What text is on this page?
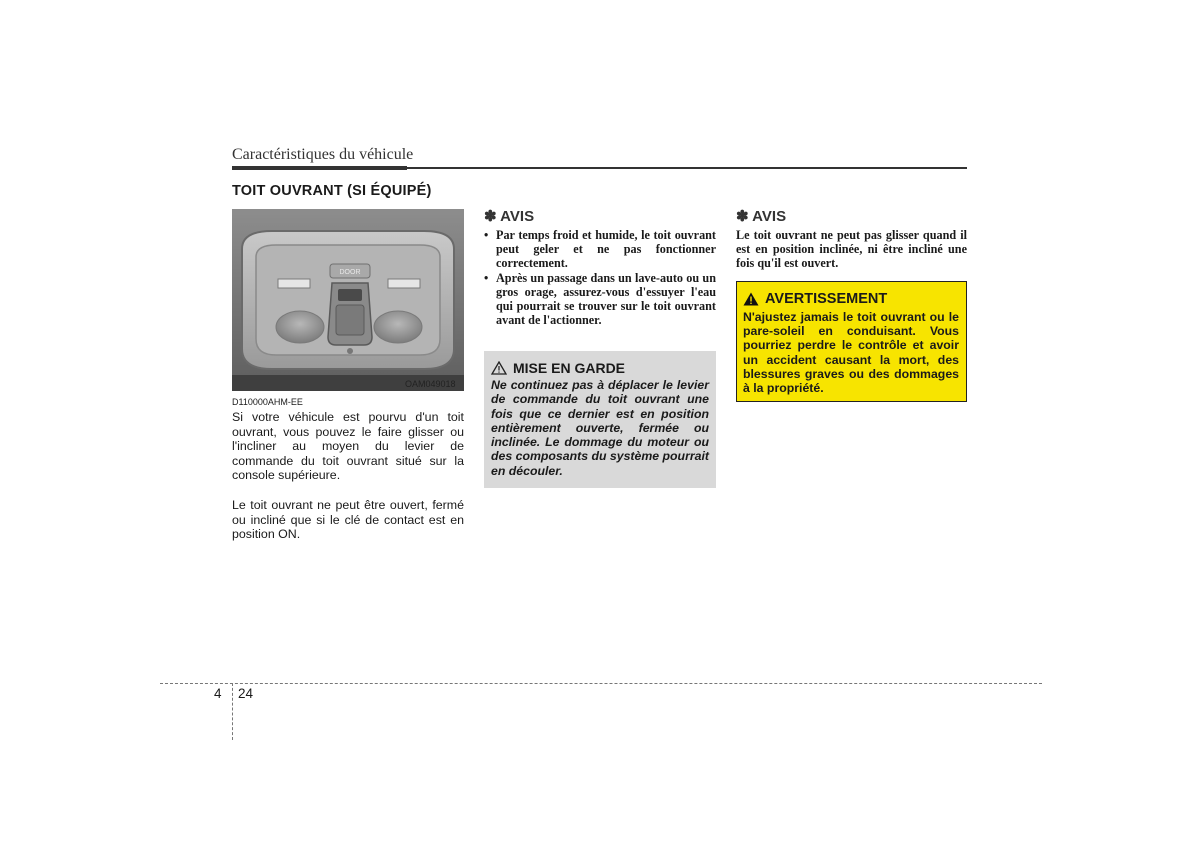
Caractéristiques du véhicule
TOIT OUVRANT (SI ÉQUIPÉ)
DOOR
OAM049018
D110000AHM-EE
Si votre véhicule est pourvu d'un toit ouvrant, vous pouvez le faire glisser ou l'incliner au moyen du levier de commande du toit ouvrant situé sur la console supérieure.
Le toit ouvrant ne peut être ouvert, fermé ou incliné que si le clé de contact est en position ON.
✽ AVIS
• Par temps froid et humide, le toit ouvrant peut geler et ne pas fonctionner correctement.
• Après un passage dans un lave-auto ou un gros orage, assurez-vous d'essuyer l'eau qui pourrait se trouver sur le toit ouvrant avant de l'actionner.
MISE EN GARDE
Ne continuez pas à déplacer le levier de commande du toit ouvrant une fois que ce dernier est en position entièrement ouverte, fermée ou inclinée. Le dommage du moteur ou des composants du système pourrait en découler.
✽ AVIS
Le toit ouvrant ne peut pas glisser quand il est en position inclinée, ni être incliné une fois qu'il est ouvert.
AVERTISSEMENT
N'ajustez jamais le toit ouvrant ou le pare-soleil en conduisant. Vous pourriez perdre le contrôle et avoir un accident causant la mort, des blessures graves ou des dommages à la propriété.
4 24
